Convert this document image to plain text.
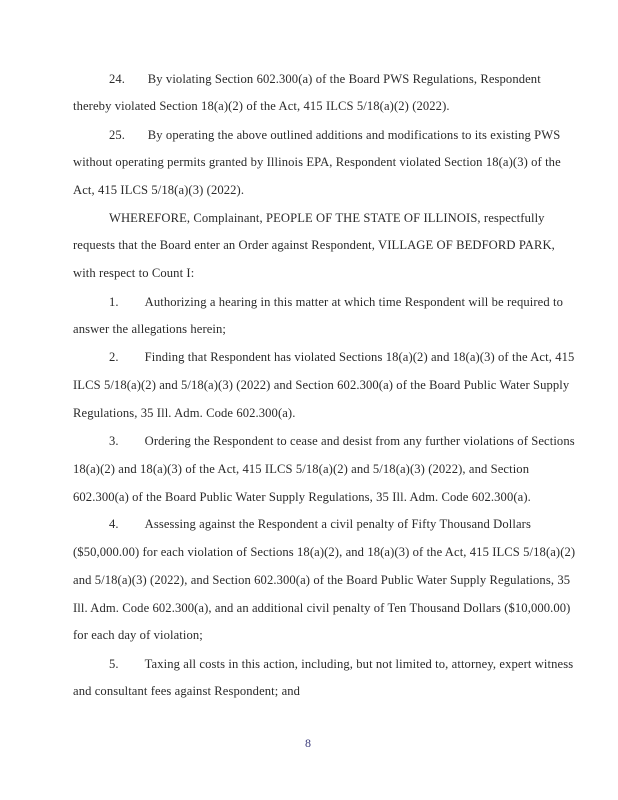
24.       By violating Section 602.300(a) of the Board PWS Regulations, Respondent
thereby violated Section 18(a)(2) of the Act, 415 ILCS 5/18(a)(2) (2022).
25.       By operating the above outlined additions and modifications to its existing PWS
without operating permits granted by Illinois EPA, Respondent violated Section 18(a)(3) of the
Act, 415 ILCS 5/18(a)(3) (2022).
WHEREFORE, Complainant, PEOPLE OF THE STATE OF ILLINOIS, respectfully
requests that the Board enter an Order against Respondent, VILLAGE OF BEDFORD PARK,
with respect to Count I:
1.        Authorizing a hearing in this matter at which time Respondent will be required to
answer the allegations herein;
2.        Finding that Respondent has violated Sections 18(a)(2) and 18(a)(3) of the Act, 415
ILCS 5/18(a)(2) and 5/18(a)(3) (2022) and Section 602.300(a) of the Board Public Water Supply
Regulations, 35 Ill. Adm. Code 602.300(a).
3.        Ordering the Respondent to cease and desist from any further violations of Sections
18(a)(2) and 18(a)(3) of the Act, 415 ILCS 5/18(a)(2) and 5/18(a)(3) (2022), and Section
602.300(a) of the Board Public Water Supply Regulations, 35 Ill. Adm. Code 602.300(a).
4.        Assessing against the Respondent a civil penalty of Fifty Thousand Dollars
($50,000.00) for each violation of Sections 18(a)(2), and 18(a)(3) of the Act, 415 ILCS 5/18(a)(2)
and 5/18(a)(3) (2022), and Section 602.300(a) of the Board Public Water Supply Regulations, 35
Ill. Adm. Code 602.300(a), and an additional civil penalty of Ten Thousand Dollars ($10,000.00)
for each day of violation;
5.        Taxing all costs in this action, including, but not limited to, attorney, expert witness
and consultant fees against Respondent; and
8
